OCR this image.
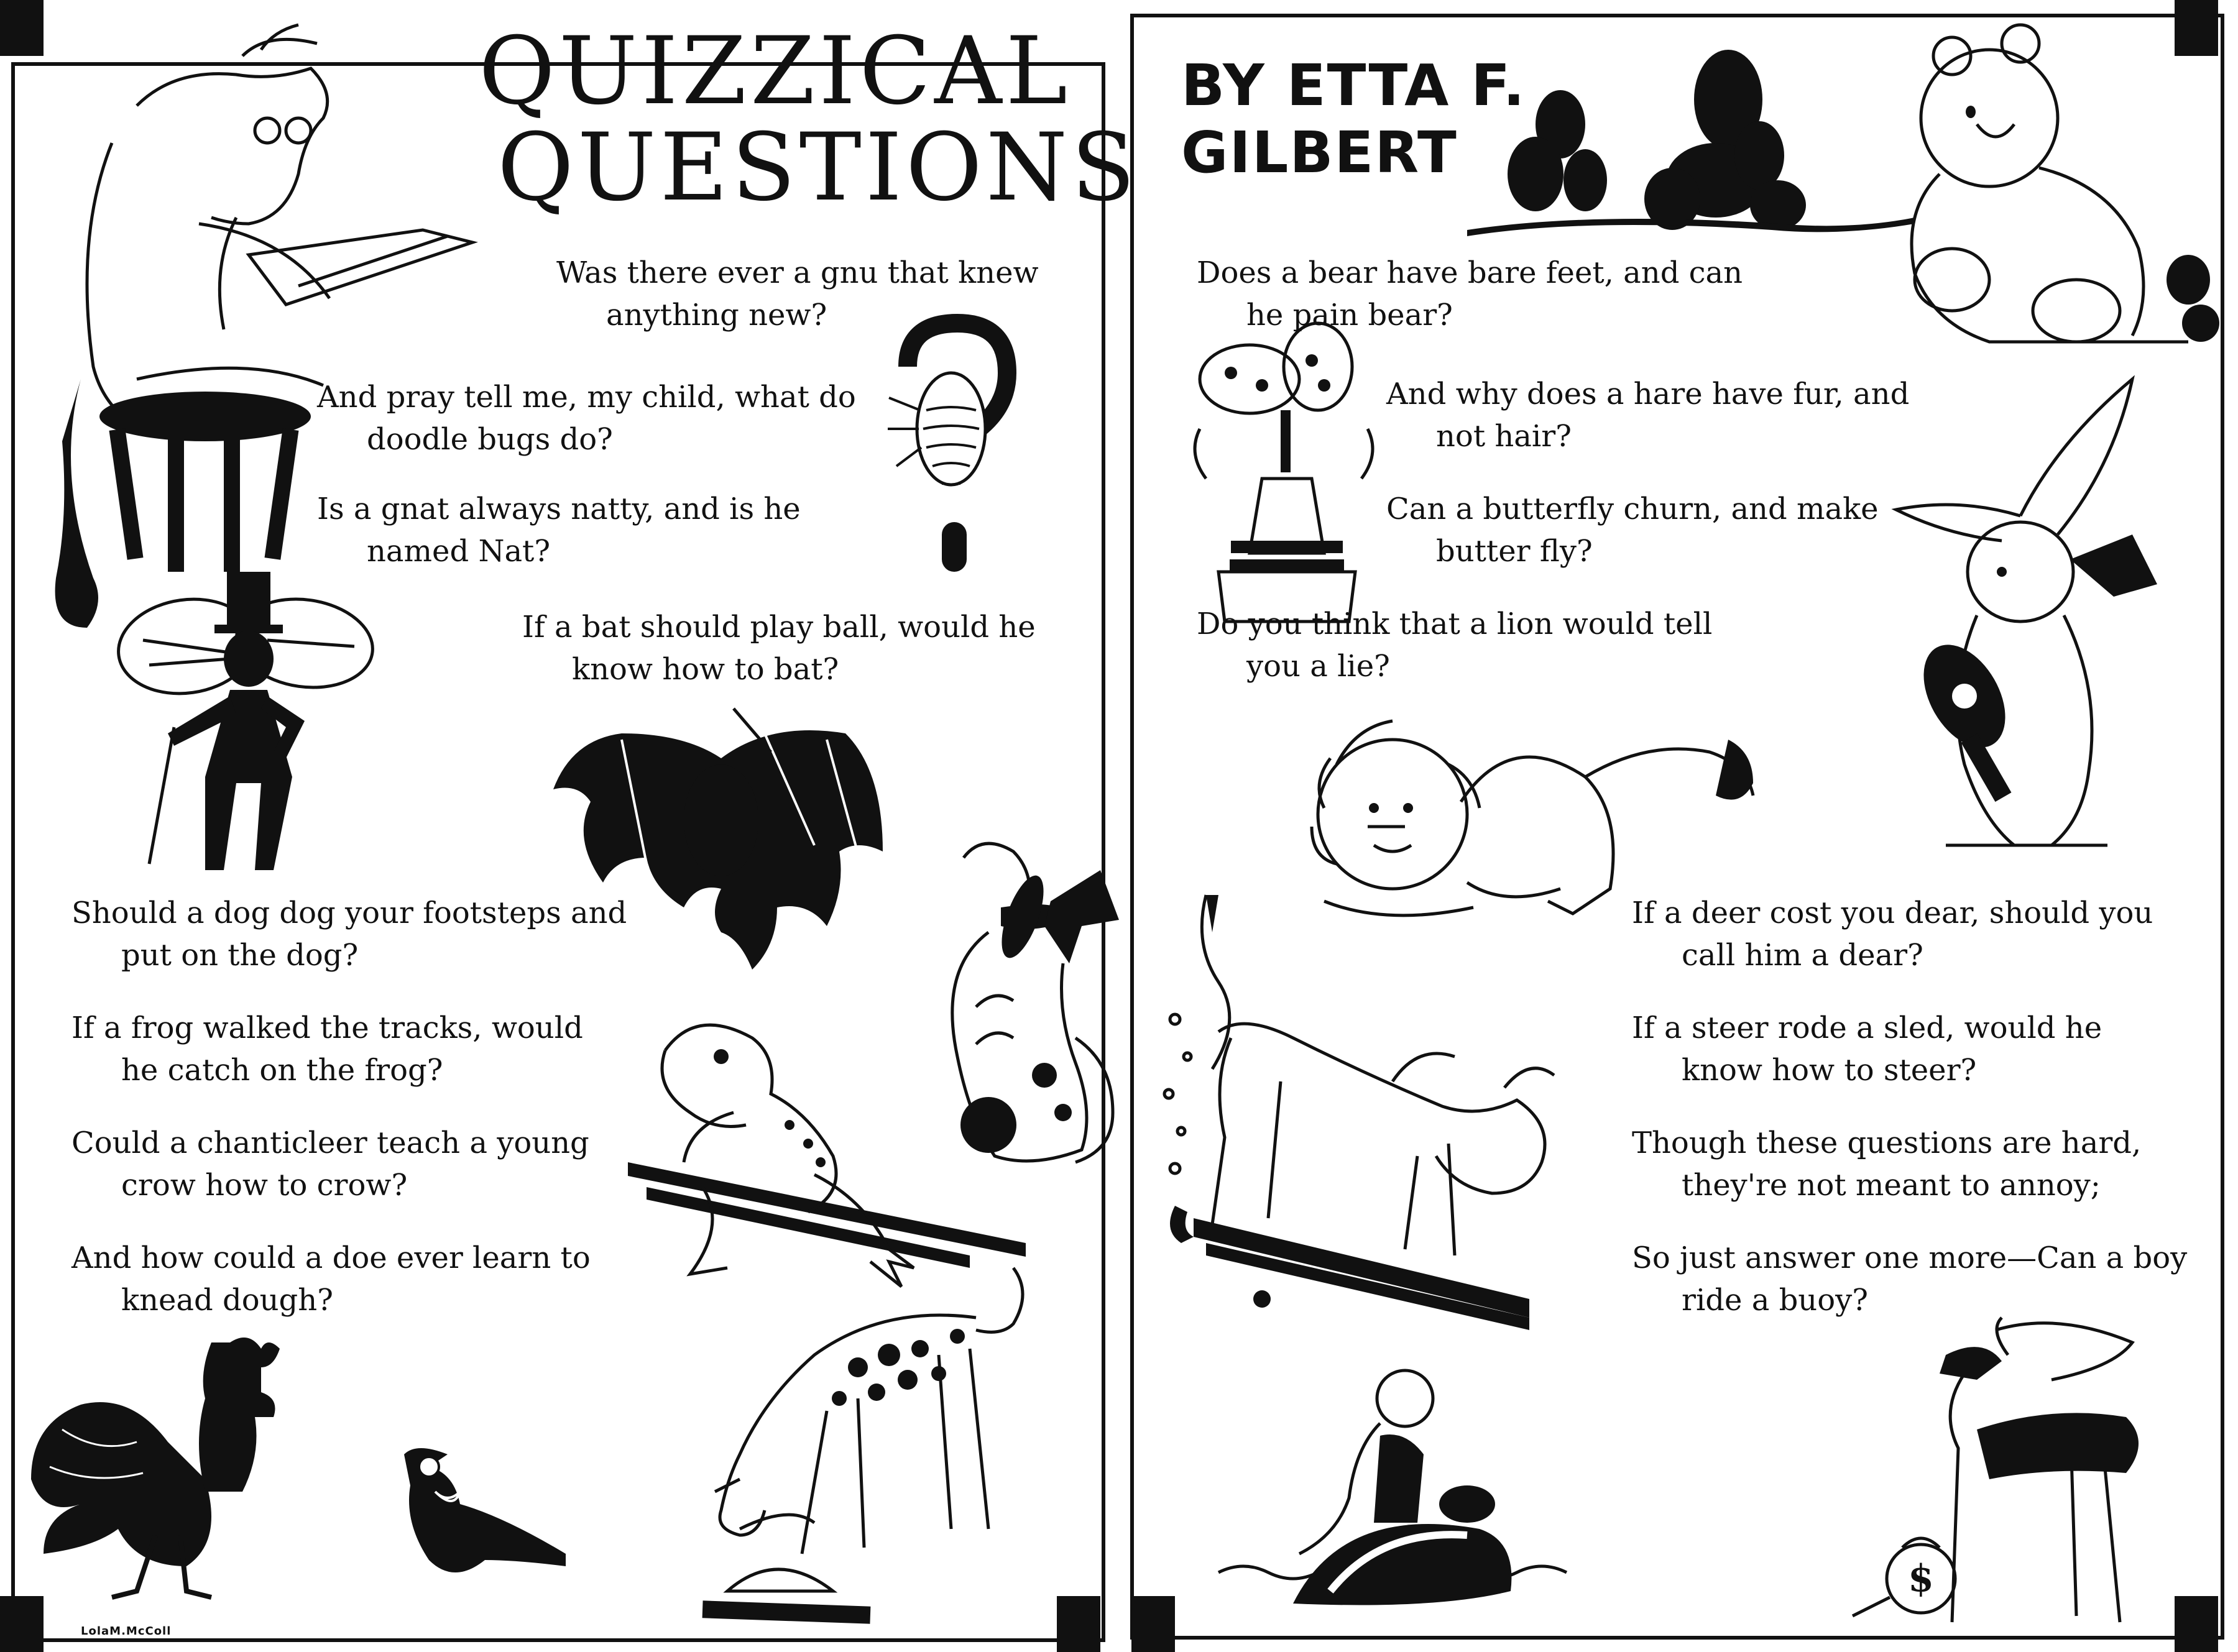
QUIZZICAL
QUESTIONS
Was there ever a gnu that knew
anything new?
And pray tell me, my child, what do
doodle bugs do?
Is a gnat always natty, and is he
named Nat?
If a bat should play ball, would he
know how to bat?
Should a dog dog your footsteps and
put on the dog?
If a frog walked the tracks, would
he catch on the frog?
Could a chanticleer teach a young
crow how to crow?
And how could a doe ever learn to
knead dough?
LolaM.McColl
BY ETTA F.
GILBERT
Does a bear have bare feet, and can
he pain bear?
And why does a hare have fur, and
not hair?
Can a butterfly churn, and make
butter fly?
Do you think that a lion would tell
you a lie?
If a deer cost you dear, should you
call him a dear?
If a steer rode a sled, would he
know how to steer?
Though these questions are hard,
they're not meant to annoy;
So just answer one more—Can a boy
ride a buoy?
$
